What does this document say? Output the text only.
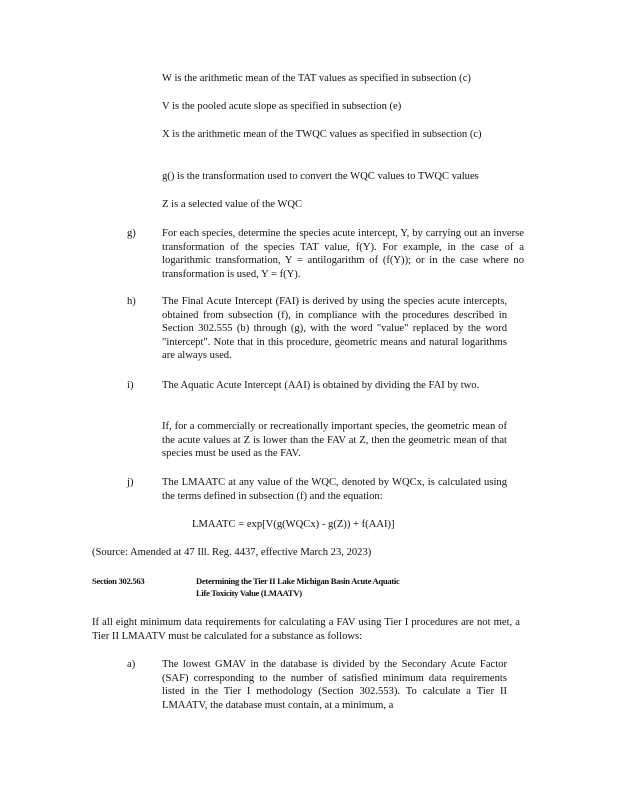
W is the arithmetic mean of the TAT values as specified in subsection (c)
V is the pooled acute slope as specified in subsection (e)
X is the arithmetic mean of the TWQC values as specified in subsection (c)
g() is the transformation used to convert the WQC values to TWQC values
Z is a selected value of the WQC
g) For each species, determine the species acute intercept, Y, by carrying out an inverse transformation of the species TAT value, f(Y). For example, in the case of a logarithmic transformation, Y = antilogarithm of (f(Y)); or in the case where no transformation is used, Y = f(Y).
h) The Final Acute Intercept (FAI) is derived by using the species acute intercepts, obtained from subsection (f), in compliance with the procedures described in Section 302.555 (b) through (g), with the word "value" replaced by the word "intercept". Note that in this procedure, geometric means and natural logarithms are always used.
i)	The Aquatic Acute Intercept (AAI) is obtained by dividing the FAI by two.
If, for a commercially or recreationally important species, the geometric mean of the acute values at Z is lower than the FAV at Z, then the geometric mean of that species must be used as the FAV.
j)	The LMAATC at any value of the WQC, denoted by WQCx, is calculated using the terms defined in subsection (f) and the equation:
LMAATC = exp[V(g(WQCx) - g(Z)) + f(AAI)]
(Source: Amended at 47 Ill. Reg. 4437, effective March 23, 2023)
Section 302.563	Determining the Tier II Lake Michigan Basin Acute Aquatic
Life Toxicity Value (LMAATV)
If all eight minimum data requirements for calculating a FAV using Tier I procedures are not met, a Tier II LMAATV must be calculated for a substance as follows:
a)	The lowest GMAV in the database is divided by the Secondary Acute Factor (SAF) corresponding to the number of satisfied minimum data requirements listed in the Tier I methodology (Section 302.553). To calculate a Tier II LMAATV, the database must contain, at a minimum, a
